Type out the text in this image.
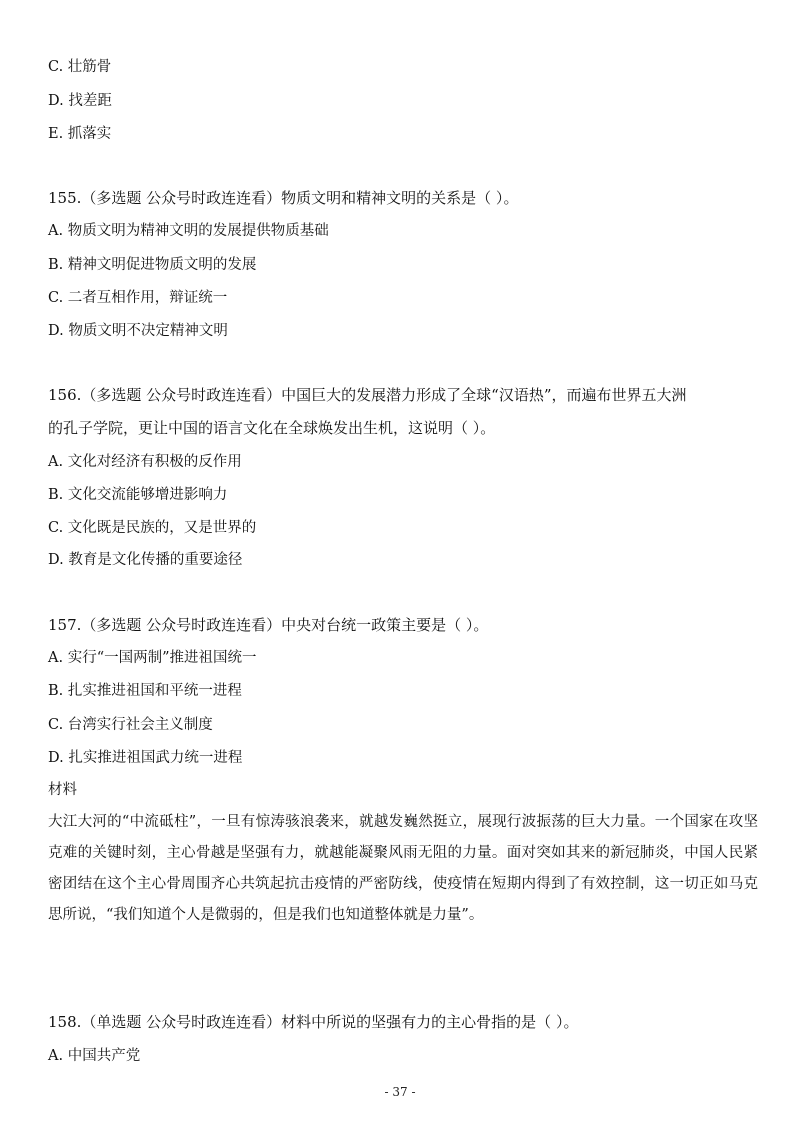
C. 壮筋骨
D. 找差距
E. 抓落实
155.（多选题 公众号时政连连看）物质文明和精神文明的关系是（ ）。
A. 物质文明为精神文明的发展提供物质基础
B. 精神文明促进物质文明的发展
C. 二者互相作用，辩证统一
D. 物质文明不决定精神文明
156.（多选题 公众号时政连连看）中国巨大的发展潜力形成了全球“汉语热”，而遍布世界五大洲
的孔子学院，更让中国的语言文化在全球焕发出生机，这说明（ ）。
A. 文化对经济有积极的反作用
B. 文化交流能够增进影响力
C. 文化既是民族的，又是世界的
D. 教育是文化传播的重要途径
157.（多选题 公众号时政连连看）中央对台统一政策主要是（ ）。
A. 实行“一国两制”推进祖国统一
B. 扎实推进祖国和平统一进程
C. 台湾实行社会主义制度
D. 扎实推进祖国武力统一进程
材料
大江大河的“中流砥柱”，一旦有惊涛骇浪袭来，就越发巍然挺立，展现行波振荡的巨大力量。一个国家在攻坚克难的关键时刻，主心骨越是坚强有力，就越能凝聚风雨无阻的力量。面对突如其来的新冠肺炎，中国人民紧密团结在这个主心骨周围齐心共筑起抗击疫情的严密防线，使疫情在短期内得到了有效控制，这一切正如马克思所说，“我们知道个人是微弱的，但是我们也知道整体就是力量”。
158.（单选题 公众号时政连连看）材料中所说的坚强有力的主心骨指的是（ ）。
A. 中国共产党
- 37 -
